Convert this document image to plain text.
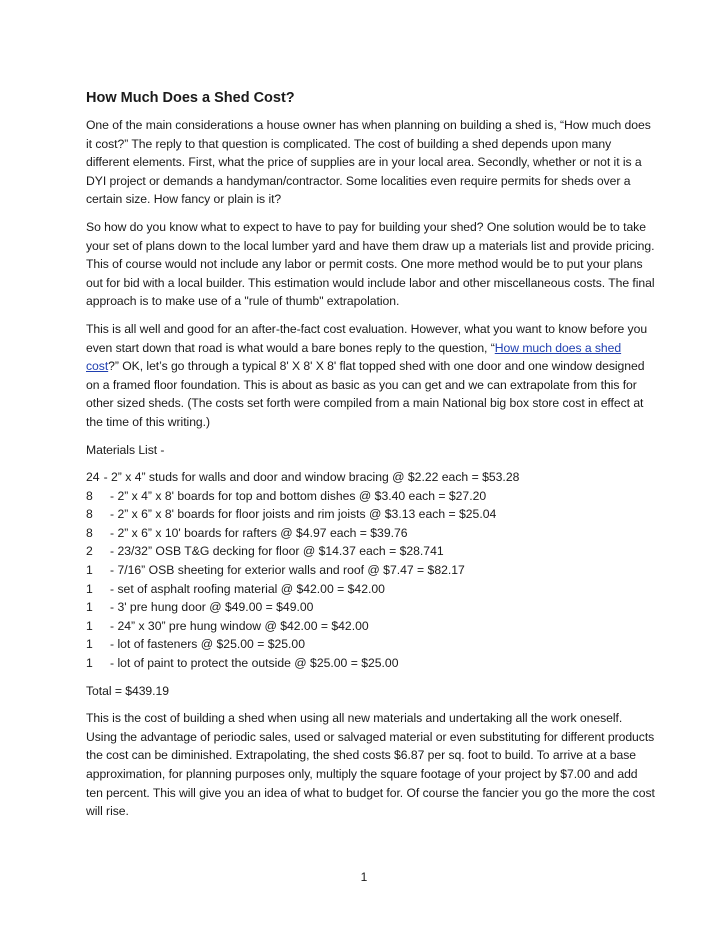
How Much Does a Shed Cost?

One of the main considerations a house owner has when planning on building a shed is, “How much does it cost?” The reply to that question is complicated. The cost of building a shed depends upon many different elements. First, what the price of supplies are in your local area. Secondly, whether or not it is a DYI project or demands a handyman/contractor. Some localities even require permits for sheds over a certain size. How fancy or plain is it?

So how do you know what to expect to have to pay for building your shed? One solution would be to take your set of plans down to the local lumber yard and have them draw up a materials list and provide pricing. This of course would not include any labor or permit costs. One more method would be to put your plans out for bid with a local builder. This estimation would include labor and other miscellaneous costs. The final approach is to make use of a "rule of thumb" extrapolation.

This is all well and good for an after-the-fact cost evaluation. However, what you want to know before you even start down that road is what would a bare bones reply to the question, “How much does a shed cost?” OK, let’s go through a typical 8' X 8' X 8' flat topped shed with one door and one window designed on a framed floor foundation. This is about as basic as you can get and we can extrapolate from this for other sized sheds. (The costs set forth were compiled from a main National big box store cost in effect at the time of this writing.)

Materials List -

24 - 2” x 4” studs for walls and door and window bracing @ $2.22 each = $53.28
8	- 2” x 4” x 8' boards for top and bottom dishes @ $3.40 each = $27.20
8	- 2” x 6” x 8' boards for floor joists and rim joists @ $3.13 each = $25.04
8	- 2” x 6” x 10' boards for rafters @ $4.97 each = $39.76
2	- 23/32” OSB T&G decking for floor @ $14.37 each = $28.741
1	- 7/16” OSB sheeting for exterior walls and roof @ $7.47 = $82.17
1	- set of asphalt roofing material @ $42.00 = $42.00
1	- 3' pre hung door @ $49.00 = $49.00
1	- 24” x 30” pre hung window @ $42.00 = $42.00
1	- lot of fasteners @ $25.00 = $25.00
1	- lot of paint to protect the outside @ $25.00 = $25.00

Total = $439.19

This is the cost of building a shed when using all new materials and undertaking all the work oneself. Using the advantage of periodic sales, used or salvaged material or even substituting for different products the cost can be diminished. Extrapolating, the shed costs $6.87 per sq. foot to build. To arrive at a base approximation, for planning purposes only, multiply the square footage of your project by $7.00 and add ten percent. This will give you an idea of what to budget for. Of course the fancier you go the more the cost will rise.

1
